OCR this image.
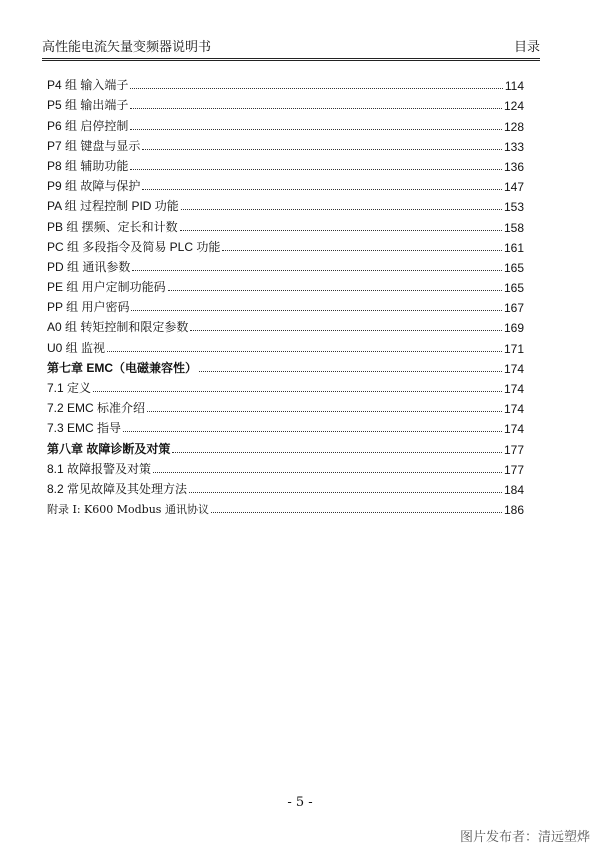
高性能电流矢量变频器说明书	目录
P4 组 输入端子	114
P5 组 输出端子	124
P6 组 启停控制	128
P7 组 键盘与显示	133
P8 组 辅助功能	136
P9 组 故障与保护	147
PA 组 过程控制 PID 功能	153
PB 组 摆频、定长和计数	158
PC 组 多段指令及简易 PLC 功能	161
PD 组 通讯参数	165
PE 组 用户定制功能码	165
PP 组 用户密码	167
A0 组 转矩控制和限定参数	169
U0 组 监视	171
第七章 EMC（电磁兼容性）	174
7.1 定义	174
7.2 EMC 标准介绍	174
7.3 EMC 指导	174
第八章 故障诊断及对策	177
8.1 故障报警及对策	177
8.2 常见故障及其处理方法	184
附录 I: K600 Modbus 通讯协议	186
- 5 -
图片发布者：清远塑烨
